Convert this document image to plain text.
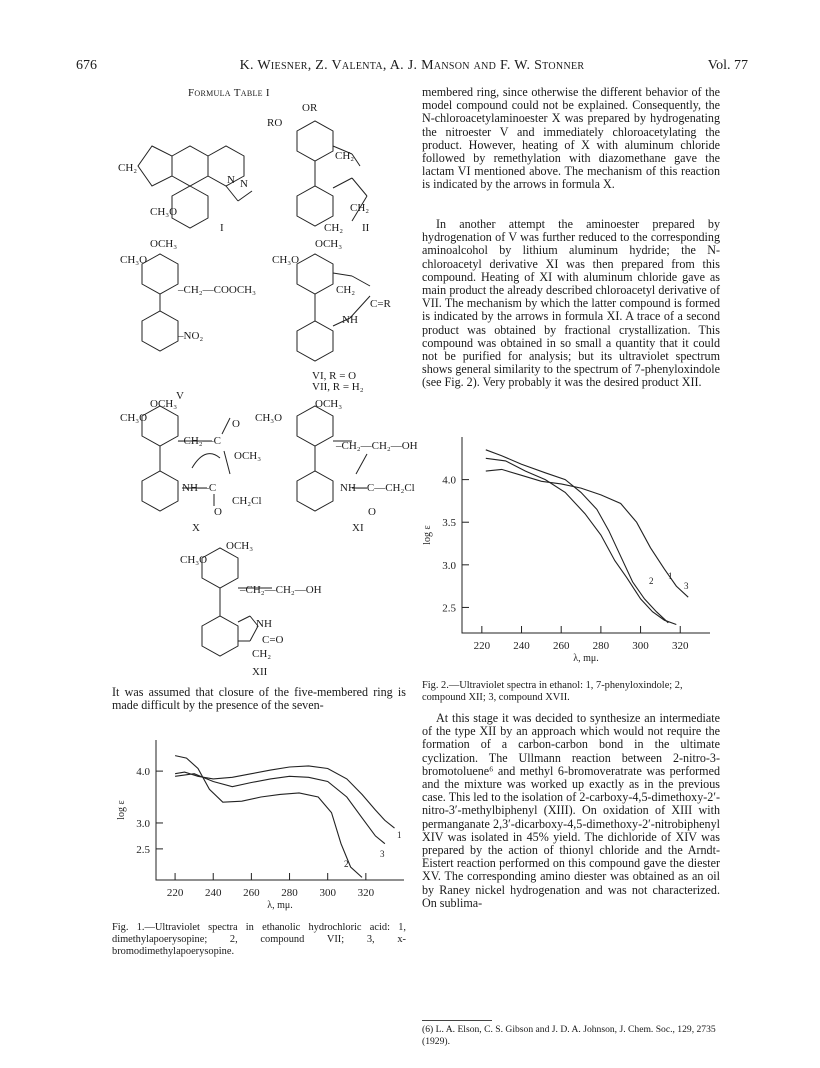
676	K. Wiesner, Z. Valenta, A. J. Manson and F. W. Stonner	Vol. 77
Formula Table I
OR
RO
CH₂
CH₂
N
N
CH₂
CH₃O
I	CH₂ II
OCH₃
CH₃O
OCH₃
CH₃O
–CH₂—COOCH₃	CH₂
C=R
NH
–NO₂
V
VI, R = O
VII, R = H₂
OCH₃
CH₃O
OCH₃
CH₃O
O
–CH₂—C
OCH₃
–CH₂—CH₂—OH
NH—C
CH₂Cl
NH—C—CH₂Cl
O	O
X	XI
OCH₃
CH₃O
–CH₂—CH₂—OH
NH
C=O
CH₂
XII

It was assumed that closure of the five-membered ring is made difficult by the presence of the seven-

220 240 260 280 300 320
4.0
3.0
2.5
log ε
λ, mμ.
1
2
3

Fig. 1.—Ultraviolet spectra in ethanolic hydrochloric acid: 1, dimethylapoerysopine; 2, compound VII; 3, x-bromodimethylapoerysopine.

membered ring, since otherwise the different behavior of the model compound could not be explained. Consequently, the N-chloroacetylaminoester X was prepared by hydrogenating the nitroester V and immediately chloroacetylating the product. However, heating of X with aluminum chloride followed by remethylation with diazomethane gave the lactam VI mentioned above. The mechanism of this reaction is indicated by the arrows in formula X.

In another attempt the aminoester prepared by hydrogenation of V was further reduced to the corresponding aminoalcohol by lithium aluminum hydride; the N-chloroacetyl derivative XI was then prepared from this compound. Heating of XI with aluminum chloride gave as main product the already described chloroacetyl derivative of VII. The mechanism by which the latter compound is formed is indicated by the arrows in formula XI. A trace of a second product was obtained by fractional crystallization. This compound was obtained in so small a quantity that it could not be purified for analysis; but its ultraviolet spectrum shows general similarity to the spectrum of 7-phenyloxindole (see Fig. 2). Very probably it was the desired product XII.

220 240 260 280 300 320
4.0
3.5
3.0
2.5
log ε
λ, mμ.
1
2	3

Fig. 2.—Ultraviolet spectra in ethanol: 1, 7-phenyloxindole; 2, compound XII; 3, compound XVII.

At this stage it was decided to synthesize an intermediate of the type XII by an approach which would not require the formation of a carbon-carbon bond in the ultimate cyclization. The Ullmann reaction between 2-nitro-3-bromotoluene⁶ and methyl 6-bromoveratrate was performed and the mixture was worked up exactly as in the previous case. This led to the isolation of 2-carboxy-4,5-dimethoxy-2′-nitro-3′-methylbiphenyl (XIII). On oxidation of XIII with permanganate 2,3′-dicarboxy-4,5-dimethoxy-2′-nitrobiphenyl XIV was isolated in 45% yield. The dichloride of XIV was prepared by the action of thionyl chloride and the Arndt-Eistert reaction performed on this compound gave the diester XV. The corresponding amino diester was obtained as an oil by Raney nickel hydrogenation and was not characterized. On sublima-

(6) L. A. Elson, C. S. Gibson and J. D. A. Johnson, J. Chem. Soc., 129, 2735 (1929).
